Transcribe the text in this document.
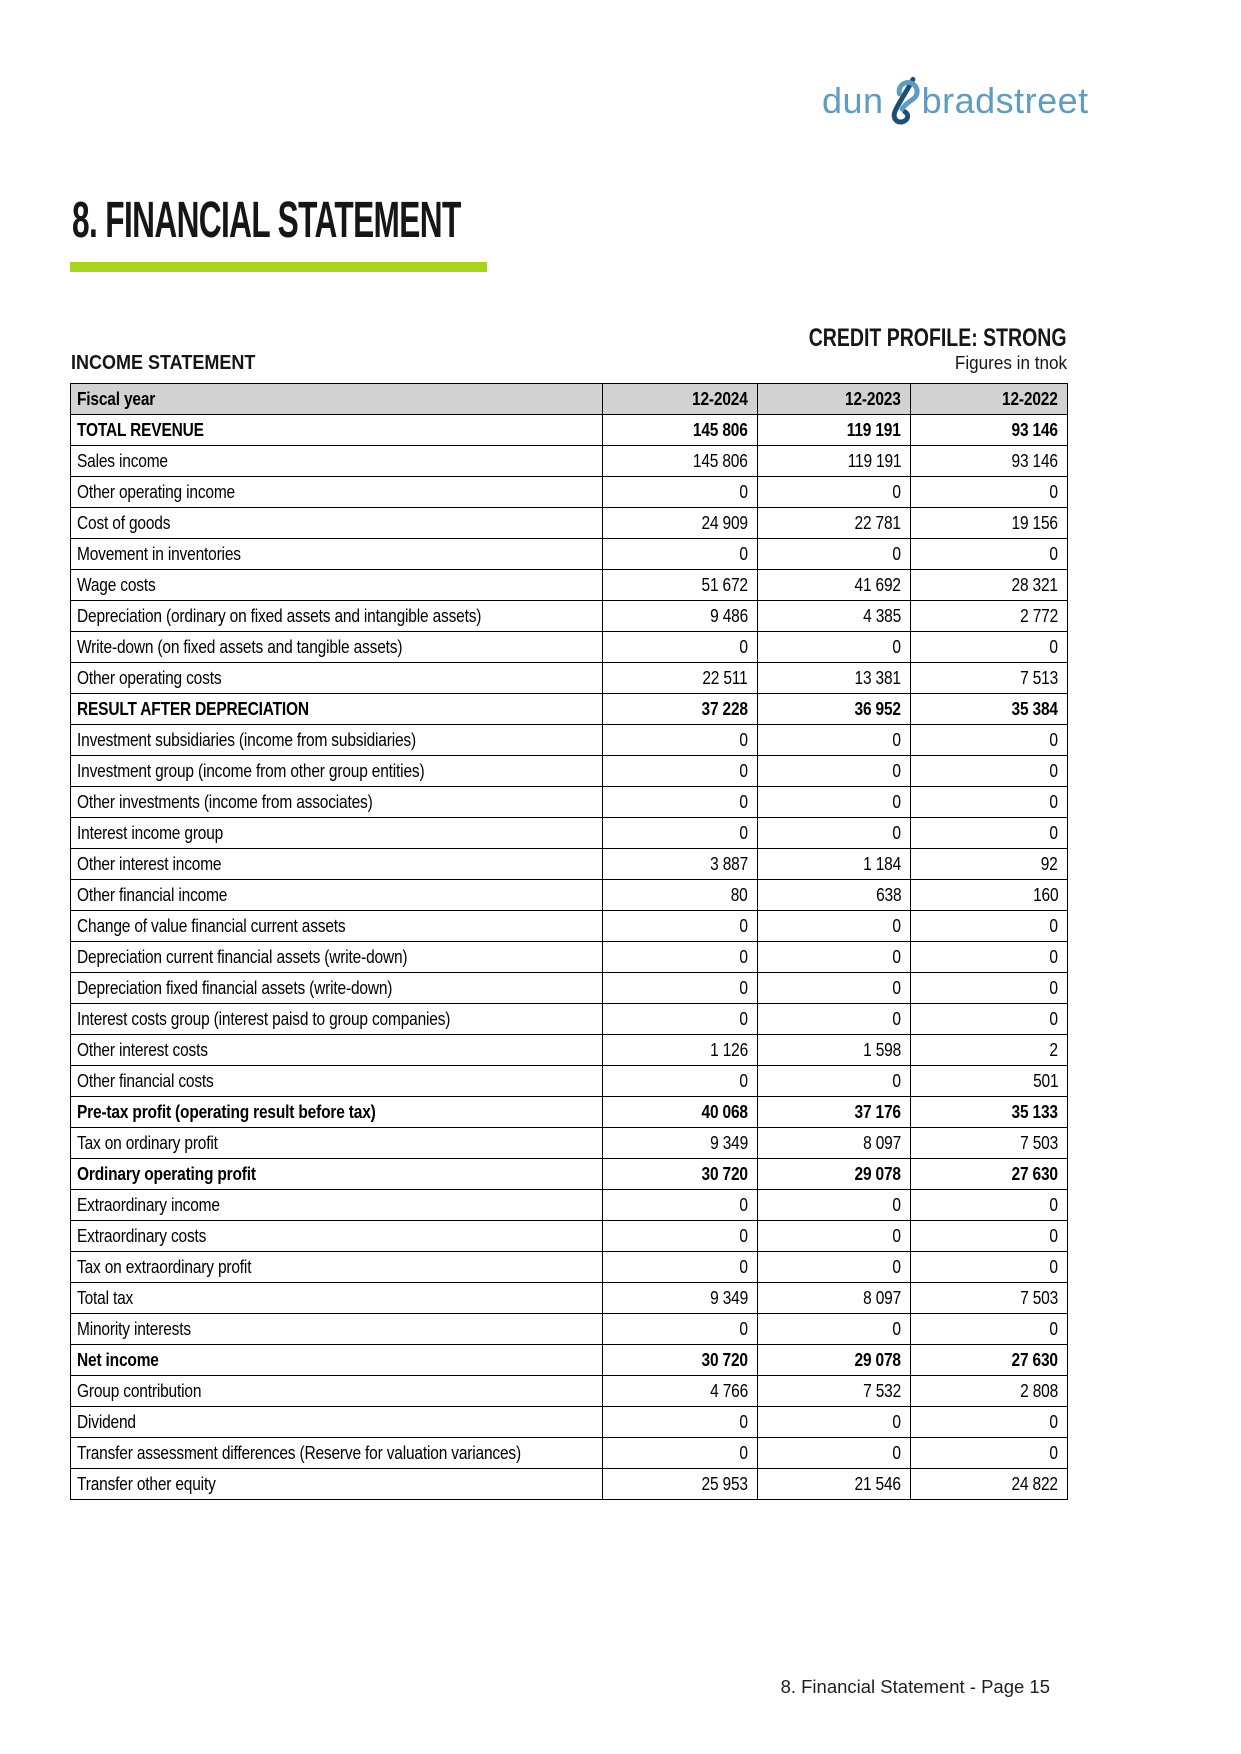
dun bradstreet
8. FINANCIAL STATEMENT
CREDIT PROFILE: STRONG
INCOME STATEMENT	Figures in tnok
Fiscal year	12-2024	12-2023	12-2022
TOTAL REVENUE	145 806	119 191	93 146
Sales income	145 806	119 191	93 146
Other operating income	0	0	0
Cost of goods	24 909	22 781	19 156
Movement in inventories	0	0	0
Wage costs	51 672	41 692	28 321
Depreciation (ordinary on fixed assets and intangible assets)	9 486	4 385	2 772
Write-down (on fixed assets and tangible assets)	0	0	0
Other operating costs	22 511	13 381	7 513
RESULT AFTER DEPRECIATION	37 228	36 952	35 384
Investment subsidiaries (income from subsidiaries)	0	0	0
Investment group (income from other group entities)	0	0	0
Other investments (income from associates)	0	0	0
Interest income group	0	0	0
Other interest income	3 887	1 184	92
Other financial income	80	638	160
Change of value financial current assets	0	0	0
Depreciation current financial assets (write-down)	0	0	0
Depreciation fixed financial assets (write-down)	0	0	0
Interest costs group (interest paisd to group companies)	0	0	0
Other interest costs	1 126	1 598	2
Other financial costs	0	0	501
Pre-tax profit (operating result before tax)	40 068	37 176	35 133
Tax on ordinary profit	9 349	8 097	7 503
Ordinary operating profit	30 720	29 078	27 630
Extraordinary income	0	0	0
Extraordinary costs	0	0	0
Tax on extraordinary profit	0	0	0
Total tax	9 349	8 097	7 503
Minority interests	0	0	0
Net income	30 720	29 078	27 630
Group contribution	4 766	7 532	2 808
Dividend	0	0	0
Transfer assessment differences (Reserve for valuation variances)	0	0	0
Transfer other equity	25 953	21 546	24 822
8. Financial Statement - Page 15
